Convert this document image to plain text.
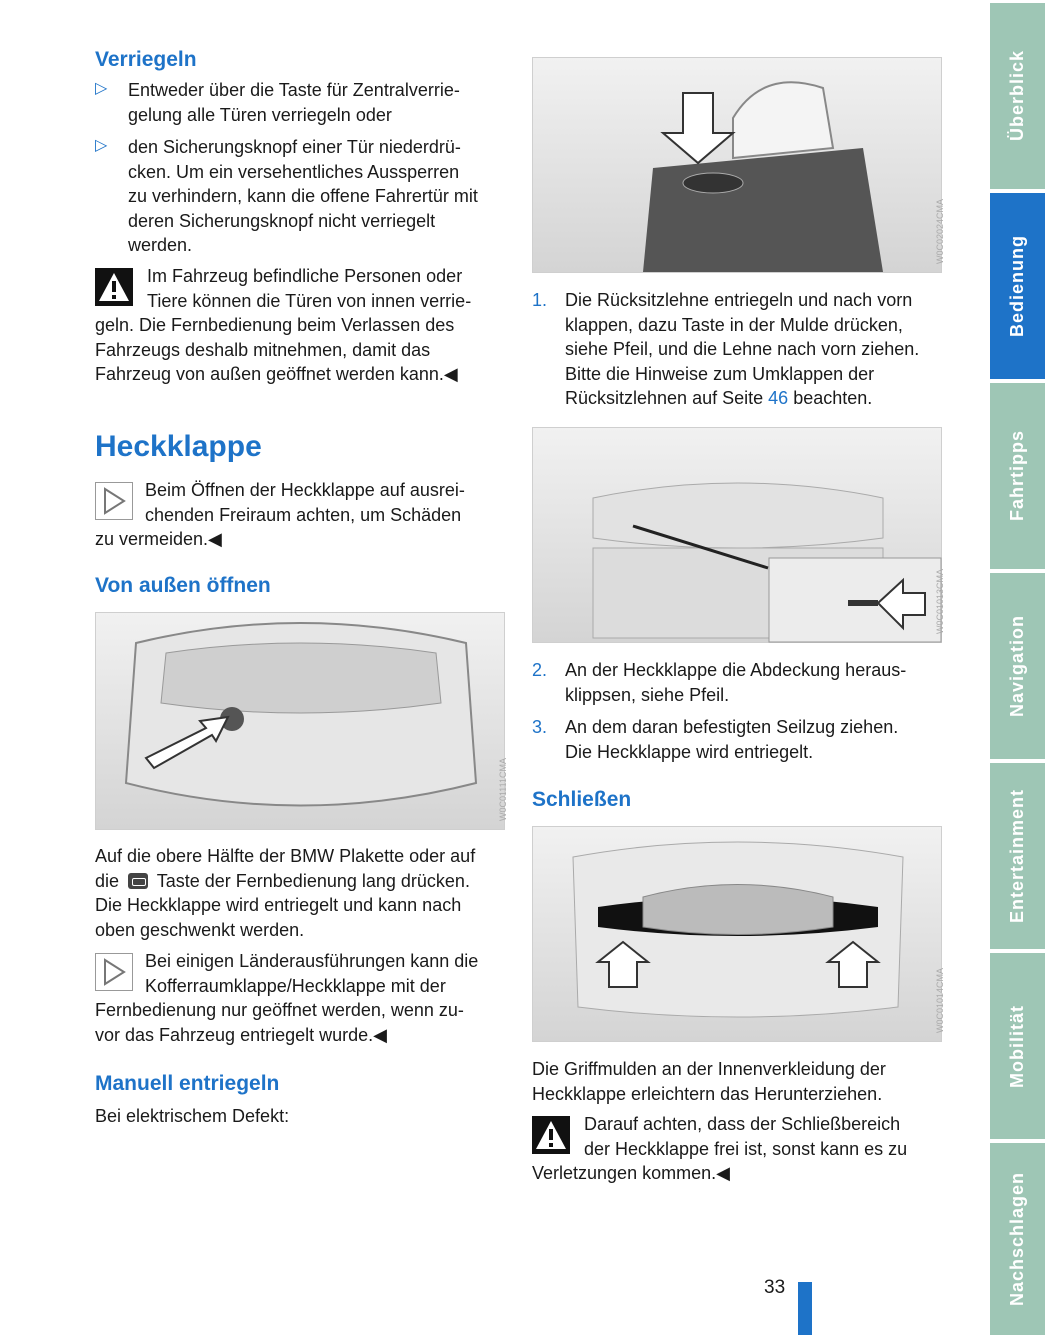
Verriegeln
▷ Entweder über die Taste für Zentralverrie-

gelung alle Türen verriegeln oder

▷ den Sicherungsknopf einer Tür niederdrü-

cken. Um ein versehentliches Aussperren

zu verhindern, kann die offene Fahrertür mit

deren Sicherungsknopf nicht verriegelt

werden.

Im Fahrzeug befindliche Personen oder

Tiere können die Türen von innen verrie-

geln. Die Fernbedienung beim Verlassen des

Fahrzeugs deshalb mitnehmen, damit das

Fahrzeug von außen geöffnet werden kann.◀

Heckklappe

Beim Öffnen der Heckklappe auf ausrei-

chenden Freiraum achten, um Schäden

zu vermeiden.◀

Von außen öffnen
W0C01111CMA

Auf die obere Hälfte der BMW Plakette oder auf

die Taste der Fernbedienung lang drücken.

Die Heckklappe wird entriegelt und kann nach

oben geschwenkt werden.

Bei einigen Länderausführungen kann die

Kofferraumklappe/Heckklappe mit der

Fernbedienung nur geöffnet werden, wenn zu-

vor das Fahrzeug entriegelt wurde.◀

Manuell entriegeln

Bei elektrischem Defekt:

W0C02024CMA
1. Die Rücksitzlehne entriegeln und nach vorn

klappen, dazu Taste in der Mulde drücken,

siehe Pfeil, und die Lehne nach vorn ziehen.

Bitte die Hinweise zum Umklappen der

Rücksitzlehnen auf Seite 46 beachten.

W0C01013CMA
2. An der Heckklappe die Abdeckung heraus-

klippsen, siehe Pfeil.

3. An dem daran befestigten Seilzug ziehen.

Die Heckklappe wird entriegelt.

Schließen
W0C01014CMA

Die Griffmulden an der Innenverkleidung der

Heckklappe erleichtern das Herunterziehen.

Darauf achten, dass der Schließbereich

der Heckklappe frei ist, sonst kann es zu

Verletzungen kommen.◀

33
Überblick
Bedienung
Fahrtipps
Navigation
Entertainment
Mobilität
Nachschlagen
